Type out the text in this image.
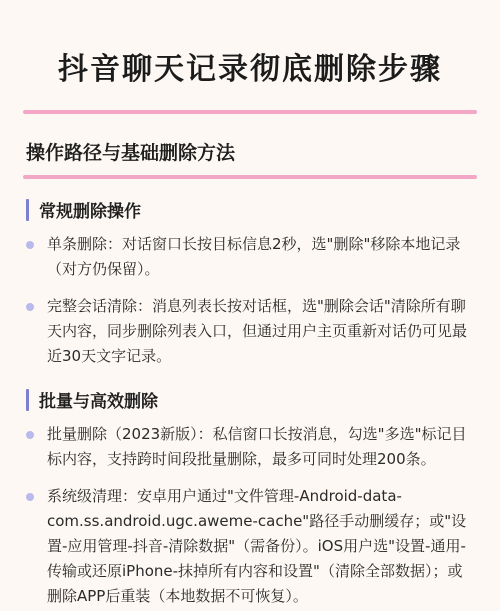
抖音聊天记录彻底删除步骤
操作路径与基础删除方法
常规删除操作
单条删除：对话窗口长按目标信息2秒，选"删除"移除本地记录（对方仍保留）。
完整会话清除：消息列表长按对话框，选"删除会话"清除所有聊天内容，同步删除列表入口，但通过用户主页重新对话仍可见最近30天文字记录。
批量与高效删除
批量删除（2023新版）：私信窗口长按消息，勾选"多选"标记目标内容，支持跨时间段批量删除，最多可同时处理200条。
系统级清理：安卓用户通过"文件管理-Android-data-com.ss.android.ugc.aweme-cache"路径手动删缓存；或"设置-应用管理-抖音-清除数据"（需备份）。iOS用户选"设置-通用-传输或还原iPhone-抹掉所有内容和设置"（清除全部数据）；或删除APP后重装（本地数据不可恢复）。
